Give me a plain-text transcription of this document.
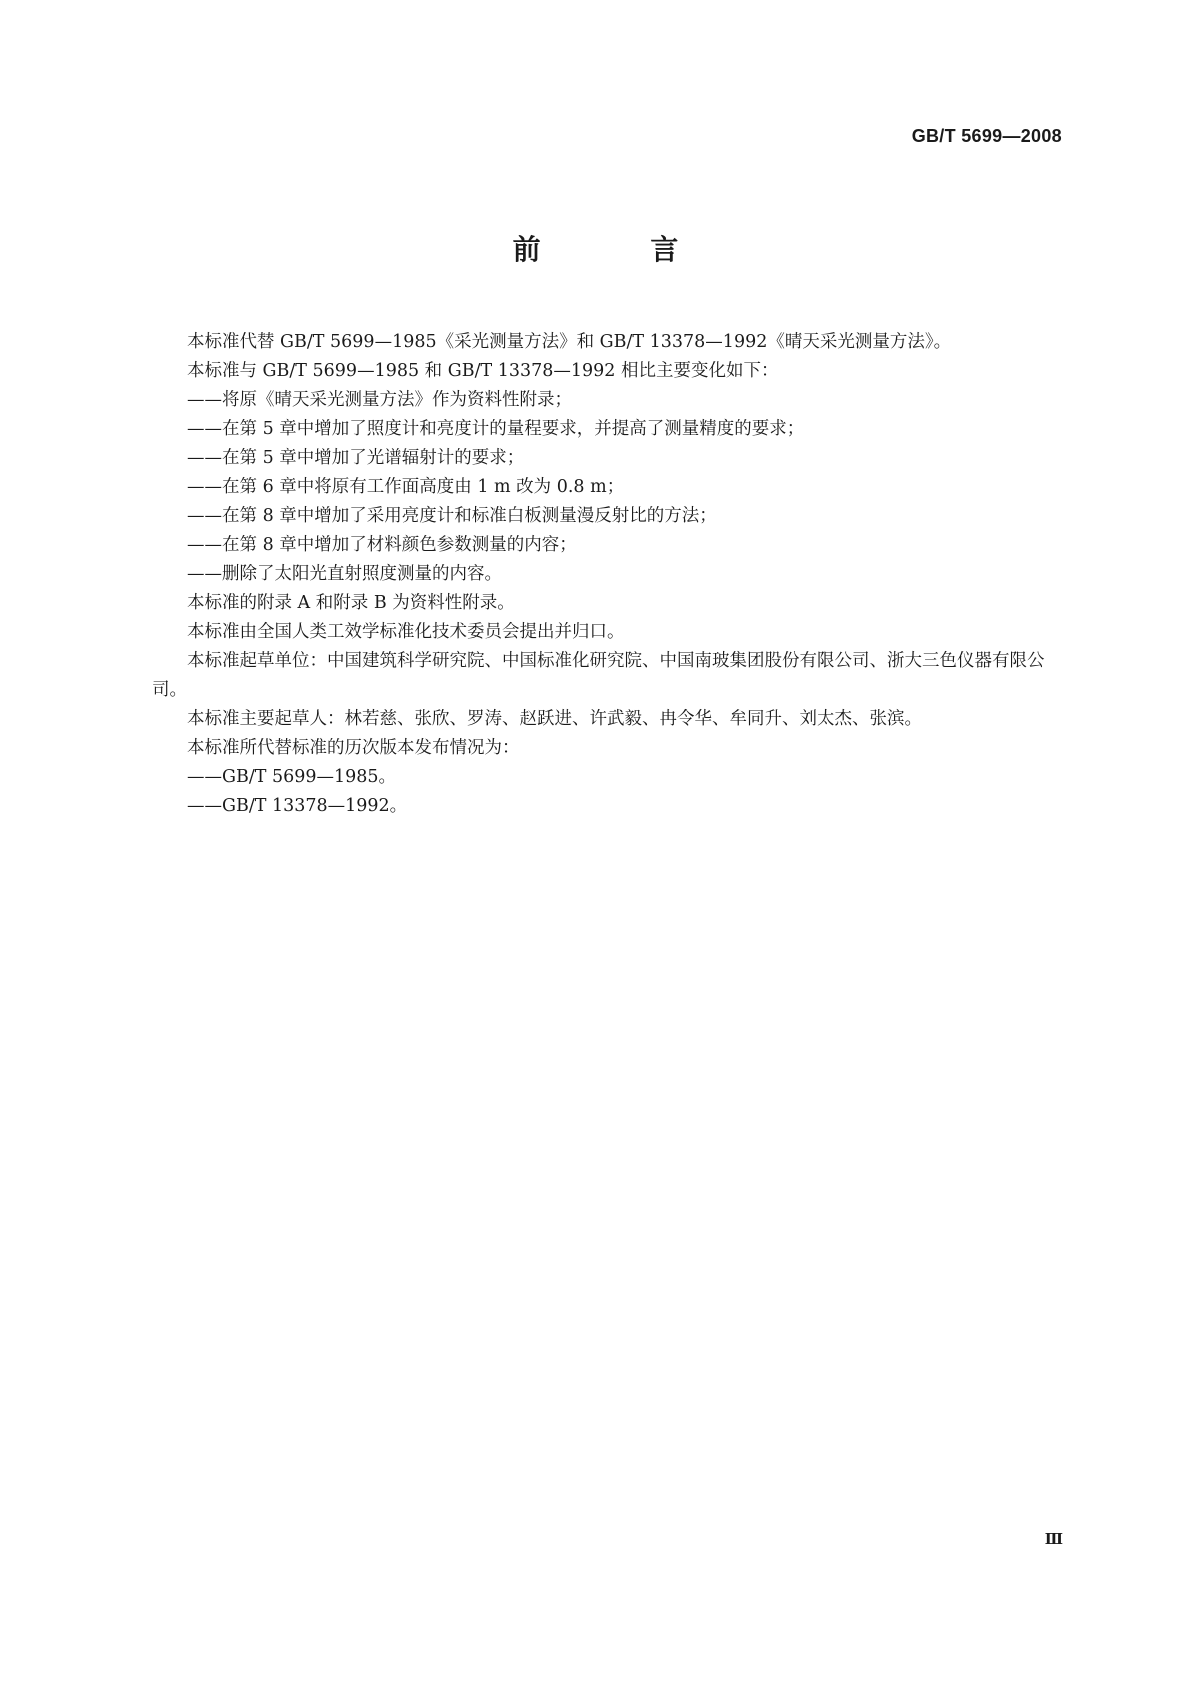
GB/T 5699—2008
前 言

本标准代替 GB/T 5699—1985《采光测量方法》和 GB/T 13378—1992《晴天采光测量方法》。

本标准与 GB/T 5699—1985 和 GB/T 13378—1992 相比主要变化如下：

——将原《晴天采光测量方法》作为资料性附录；

——在第 5 章中增加了照度计和亮度计的量程要求，并提高了测量精度的要求；

——在第 5 章中增加了光谱辐射计的要求；

——在第 6 章中将原有工作面高度由 1 m 改为 0.8 m；

——在第 8 章中增加了采用亮度计和标准白板测量漫反射比的方法；

——在第 8 章中增加了材料颜色参数测量的内容；

——删除了太阳光直射照度测量的内容。

本标准的附录 A 和附录 B 为资料性附录。

本标准由全国人类工效学标准化技术委员会提出并归口。

本标准起草单位：中国建筑科学研究院、中国标准化研究院、中国南玻集团股份有限公司、浙大三色仪器有限公司。

本标准主要起草人：林若慈、张欣、罗涛、赵跃进、许武毅、冉令华、牟同升、刘太杰、张滨。

本标准所代替标准的历次版本发布情况为：

——GB/T 5699—1985。

——GB/T 13378—1992。

Ⅲ
